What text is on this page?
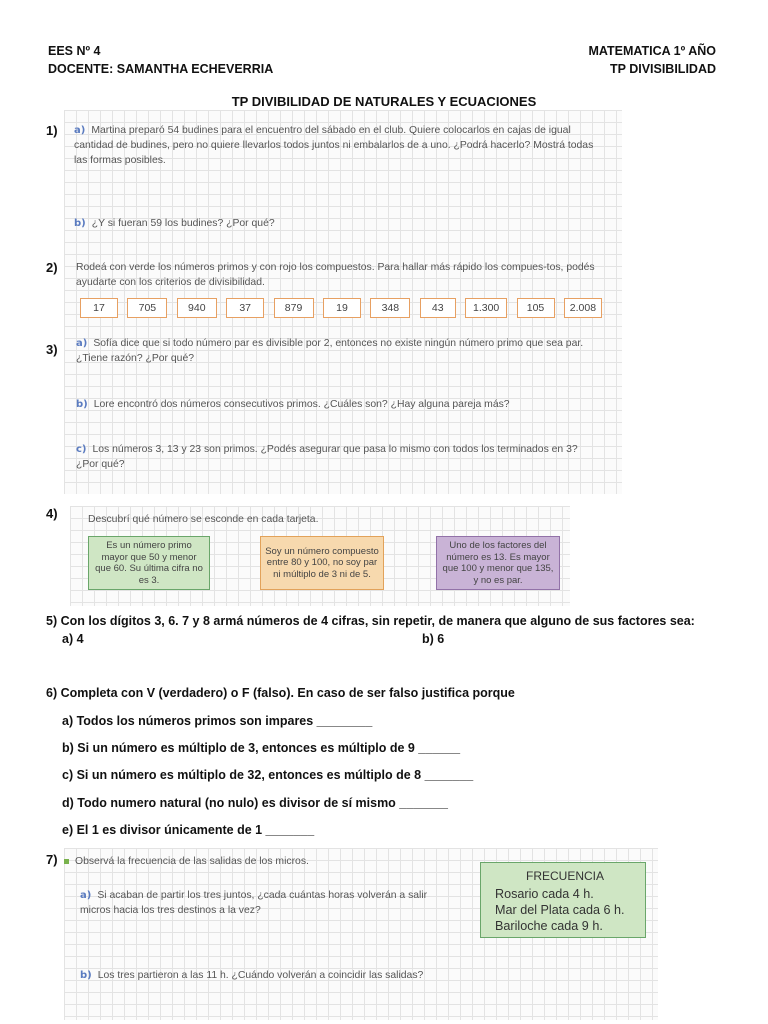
EES Nº 4
DOCENTE: SAMANTHA ECHEVERRIA
MATEMATICA 1º AÑO
TP DIVISIBILIDAD
TP DIVIBILIDAD DE NATURALES Y ECUACIONES
1) a) Martina preparó 54 budines para el encuentro del sábado en el club. Quiere colocarlos en cajas de igual cantidad de budines, pero no quiere llevarlos todos juntos ni embalarlos de a uno. ¿Podrá hacerlo? Mostrá todas las formas posibles.
b) ¿Y si fueran 59 los budines? ¿Por qué?
2) Rodeá con verde los números primos y con rojo los compuestos. Para hallar más rápido los compues-tos, podés ayudarte con los criterios de divisibilidad.
17	705	940	37	879	19	348	43	1.300	105	2.008
3) a) Sofía dice que si todo número par es divisible por 2, entonces no existe ningún número primo que sea par. ¿Tiene razón? ¿Por qué?
b) Lore encontró dos números consecutivos primos. ¿Cuáles son? ¿Hay alguna pareja más?
c) Los números 3, 13 y 23 son primos. ¿Podés asegurar que pasa lo mismo con todos los terminados en 3? ¿Por qué?
4)	Descubrí qué número se esconde en cada tarjeta.
Es un número primo mayor que 50 y menor que 60. Su última cifra no es 3.
Soy un número compuesto entre 80 y 100, no soy par ni múltiplo de 3 ni de 5.
Uno de los factores del número es 13. Es mayor que 100 y menor que 135, y no es par.
5) Con los dígitos 3, 6. 7 y 8 armá números de 4 cifras, sin repetir, de manera que alguno de sus factores sea:
a) 4	b) 6
6) Completa con V (verdadero) o F (falso). En caso de ser falso justifica porque
a) Todos los números primos son impares ________
b) Si un número es múltiplo de 3, entonces es múltiplo de 9 ______
c) Si un número es múltiplo de 32, entonces es múltiplo de 8 _______
d) Todo numero natural (no nulo) es divisor de sí mismo _______
e) El 1 es divisor únicamente de 1 _______
7)	Observá la frecuencia de las salidas de los micros.
a) Si acaban de partir los tres juntos, ¿cada cuántas horas volverán a salir micros hacia los tres destinos a la vez?
b) Los tres partieron a las 11 h. ¿Cuándo volverán a coincidir las salidas?
FRECUENCIA
Rosario cada 4 h.
Mar del Plata cada 6 h.
Bariloche cada 9 h.
